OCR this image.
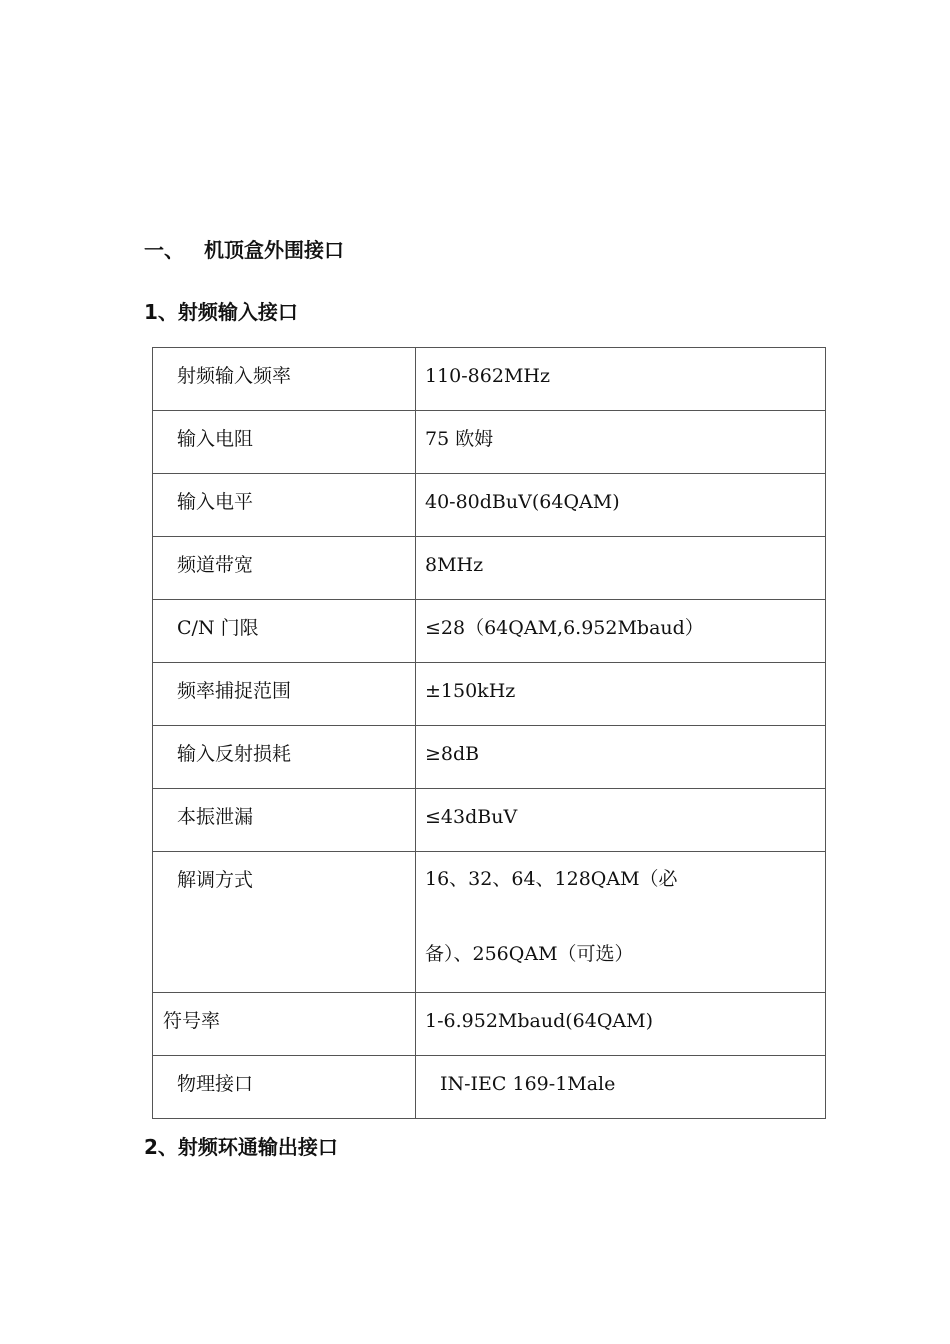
一、 机顶盒外围接口
1、射频输入接口
射频输入频率	110-862MHz

输入电阻	75 欧姆

输入电平	40-80dBuV(64QAM)

频道带宽	8MHz

C/N 门限	≤28（64QAM,6.952Mbaud）

频率捕捉范围	±150kHz

输入反射损耗	≥8dB

本振泄漏	≤43dBuV

解调方式	16、32、64、128QAM（必
备）、256QAM（可选）

符号率	1-6.952Mbaud(64QAM)

物理接口	IN-IEC 169-1Male
2、射频环通输出接口
